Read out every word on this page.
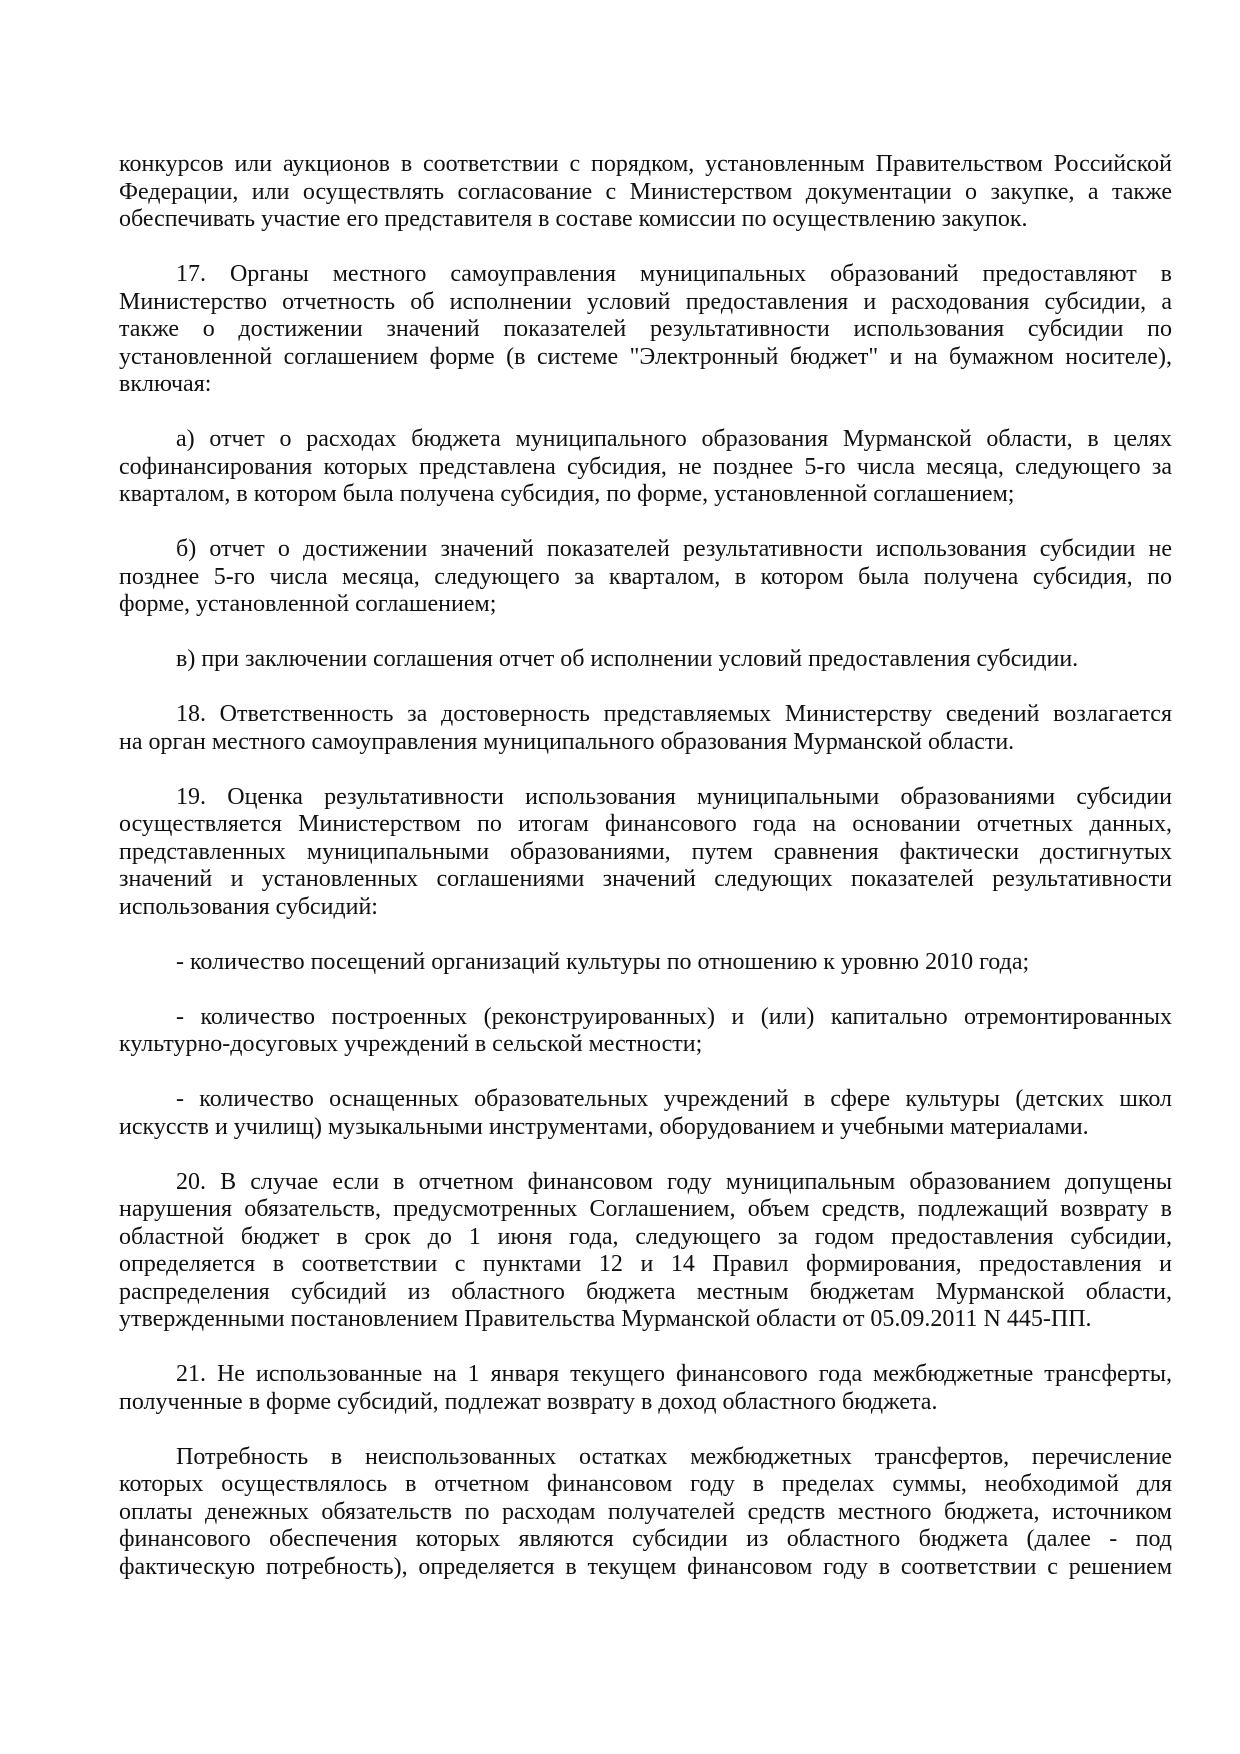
конкурсов или аукционов в соответствии с порядком, установленным Правительством Российской
Федерации, или осуществлять согласование с Министерством документации о закупке, а также
обеспечивать участие его представителя в составе комиссии по осуществлению закупок.
17. Органы местного самоуправления муниципальных образований предоставляют в
Министерство отчетность об исполнении условий предоставления и расходования субсидии, а
также о достижении значений показателей результативности использования субсидии по
установленной соглашением форме (в системе "Электронный бюджет" и на бумажном носителе),
включая:
а) отчет о расходах бюджета муниципального образования Мурманской области, в целях
софинансирования которых представлена субсидия, не позднее 5-го числа месяца, следующего за
кварталом, в котором была получена субсидия, по форме, установленной соглашением;
б) отчет о достижении значений показателей результативности использования субсидии не
позднее 5-го числа месяца, следующего за кварталом, в котором была получена субсидия, по
форме, установленной соглашением;
в) при заключении соглашения отчет об исполнении условий предоставления субсидии.
18. Ответственность за достоверность представляемых Министерству сведений возлагается
на орган местного самоуправления муниципального образования Мурманской области.
19. Оценка результативности использования муниципальными образованиями субсидии
осуществляется Министерством по итогам финансового года на основании отчетных данных,
представленных муниципальными образованиями, путем сравнения фактически достигнутых
значений и установленных соглашениями значений следующих показателей результативности
использования субсидий:
- количество посещений организаций культуры по отношению к уровню 2010 года;
- количество построенных (реконструированных) и (или) капитально отремонтированных
культурно-досуговых учреждений в сельской местности;
- количество оснащенных образовательных учреждений в сфере культуры (детских школ
искусств и училищ) музыкальными инструментами, оборудованием и учебными материалами.
20. В случае если в отчетном финансовом году муниципальным образованием допущены
нарушения обязательств, предусмотренных Соглашением, объем средств, подлежащий возврату в
областной бюджет в срок до 1 июня года, следующего за годом предоставления субсидии,
определяется в соответствии с пунктами 12 и 14 Правил формирования, предоставления и
распределения субсидий из областного бюджета местным бюджетам Мурманской области,
утвержденными постановлением Правительства Мурманской области от 05.09.2011 N 445-ПП.
21. Не использованные на 1 января текущего финансового года межбюджетные трансферты,
полученные в форме субсидий, подлежат возврату в доход областного бюджета.
Потребность в неиспользованных остатках межбюджетных трансфертов, перечисление
которых осуществлялось в отчетном финансовом году в пределах суммы, необходимой для
оплаты денежных обязательств по расходам получателей средств местного бюджета, источником
финансового обеспечения которых являются субсидии из областного бюджета (далее - под
фактическую потребность), определяется в текущем финансовом году в соответствии с решением
